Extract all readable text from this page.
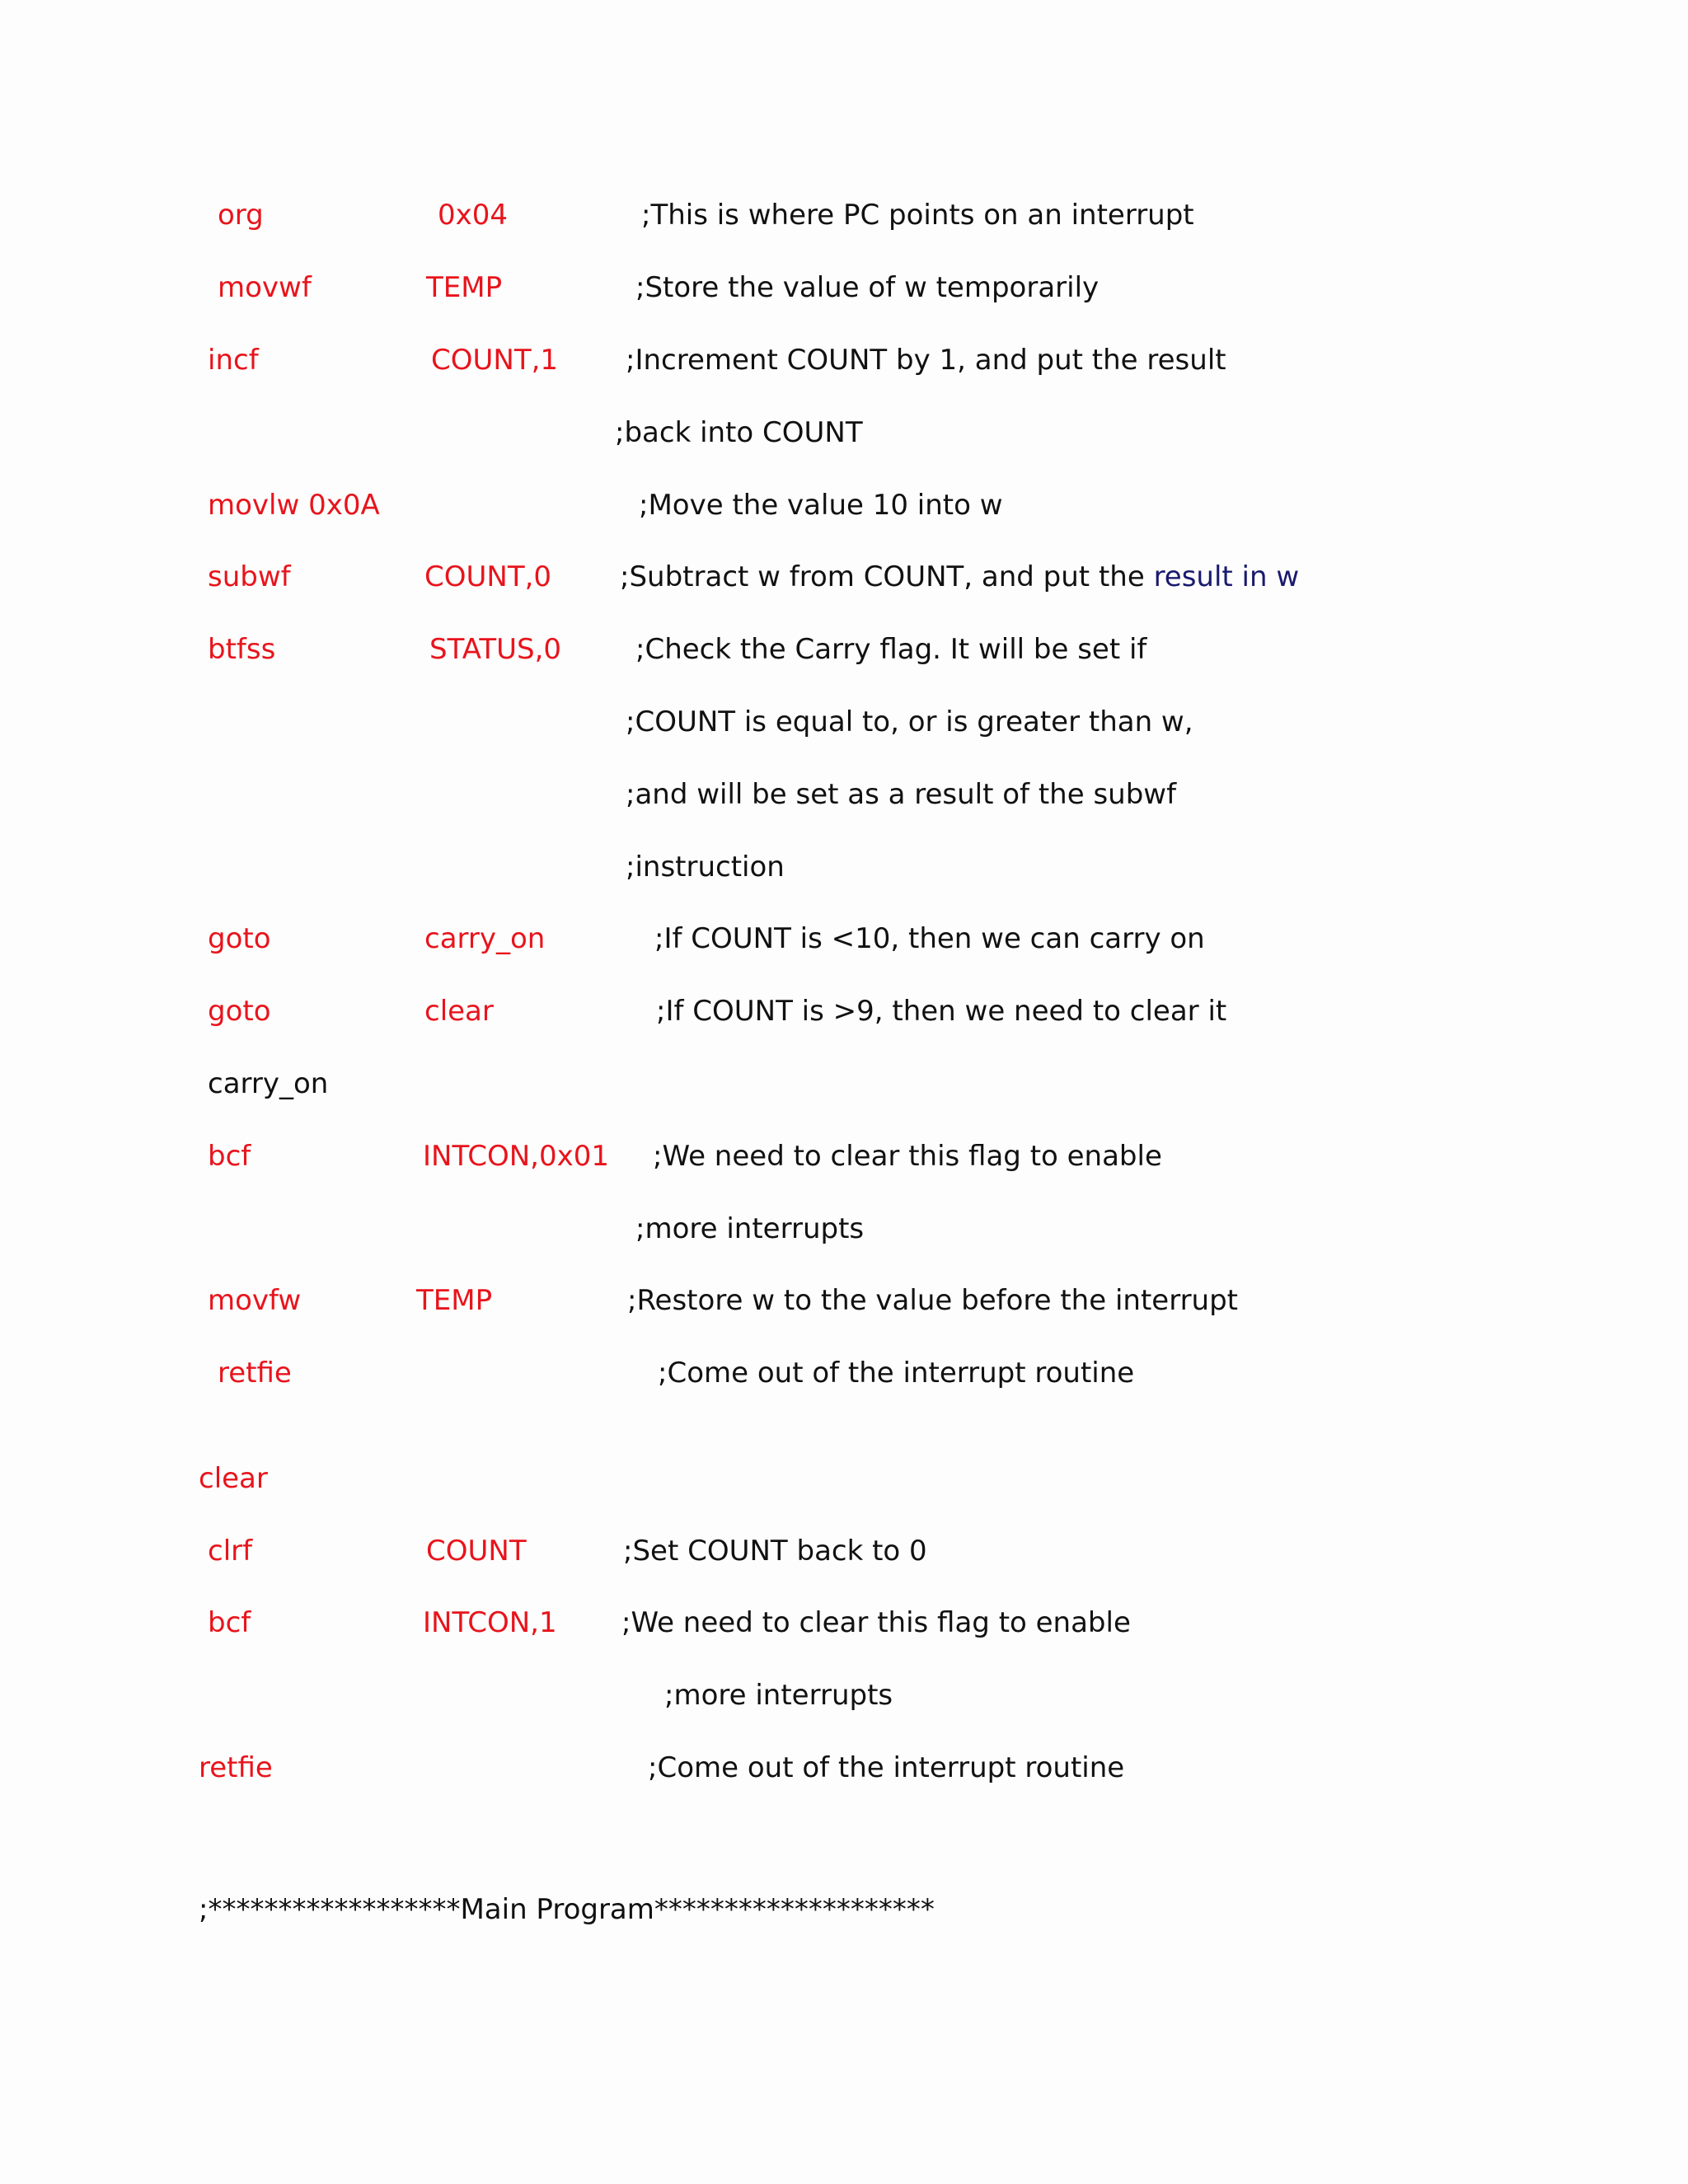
org	0x04	;This is where PC points on an interrupt
movwf	TEMP	;Store the value of w temporarily
incf	COUNT,1 ;Increment COUNT by 1, and put the result
;back into COUNT
movlw 0x0A	;Move the value 10 into w
subwf	COUNT,0 ;Subtract w from COUNT, and put the result in w
btfss	STATUS,0	;Check the Carry flag. It will be set if
;COUNT is equal to, or is greater than w,
;and will be set as a result of the subwf
;instruction
goto	carry_on	;If COUNT is <10, then we can carry on
goto	clear	;If COUNT is >9, then we need to clear it
carry_on
bcf	INTCON,0x01 ;We need to clear this flag to enable
;more interrupts
movfw	TEMP	;Restore w to the value before the interrupt
retfie	;Come out of the interrupt routine
clear
clrf	COUNT	;Set COUNT back to 0
bcf	INTCON,1 ;We need to clear this flag to enable
;more interrupts
retfie	;Come out of the interrupt routine
;******************Main Program********************
